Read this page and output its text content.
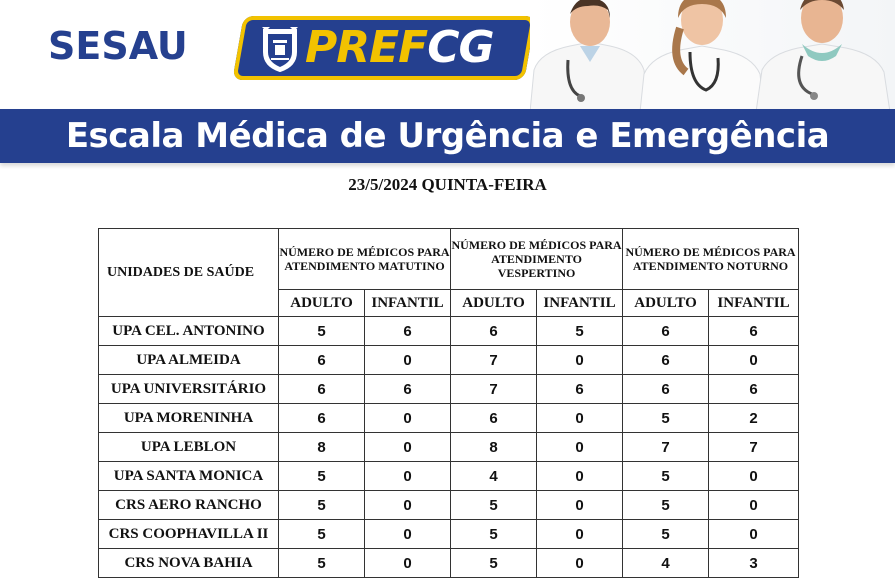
SESAU	PREFCG
Escala Médica de Urgência e Emergência
23/5/2024 QUINTA-FEIRA
UNIDADES DE SAÚDE	NÚMERO DE MÉDICOS PARA ATENDIMENTO MATUTINO		NÚMERO DE MÉDICOS PARA ATENDIMENTO VESPERTINO		NÚMERO DE MÉDICOS PARA ATENDIMENTO NOTURNO	
	ADULTO	INFANTIL	ADULTO	INFANTIL	ADULTO	INFANTIL
UPA CEL. ANTONINO	5	6	6	5	6	6
UPA ALMEIDA	6	0	7	0	6	0
UPA UNIVERSITÁRIO	6	6	7	6	6	6
UPA MORENINHA	6	0	6	0	5	2
UPA LEBLON	8	0	8	0	7	7
UPA SANTA MONICA	5	0	4	0	5	0
CRS AERO RANCHO	5	0	5	0	5	0
CRS COOPHAVILLA II	5	0	5	0	5	0
CRS NOVA BAHIA	5	0	5	0	4	3
